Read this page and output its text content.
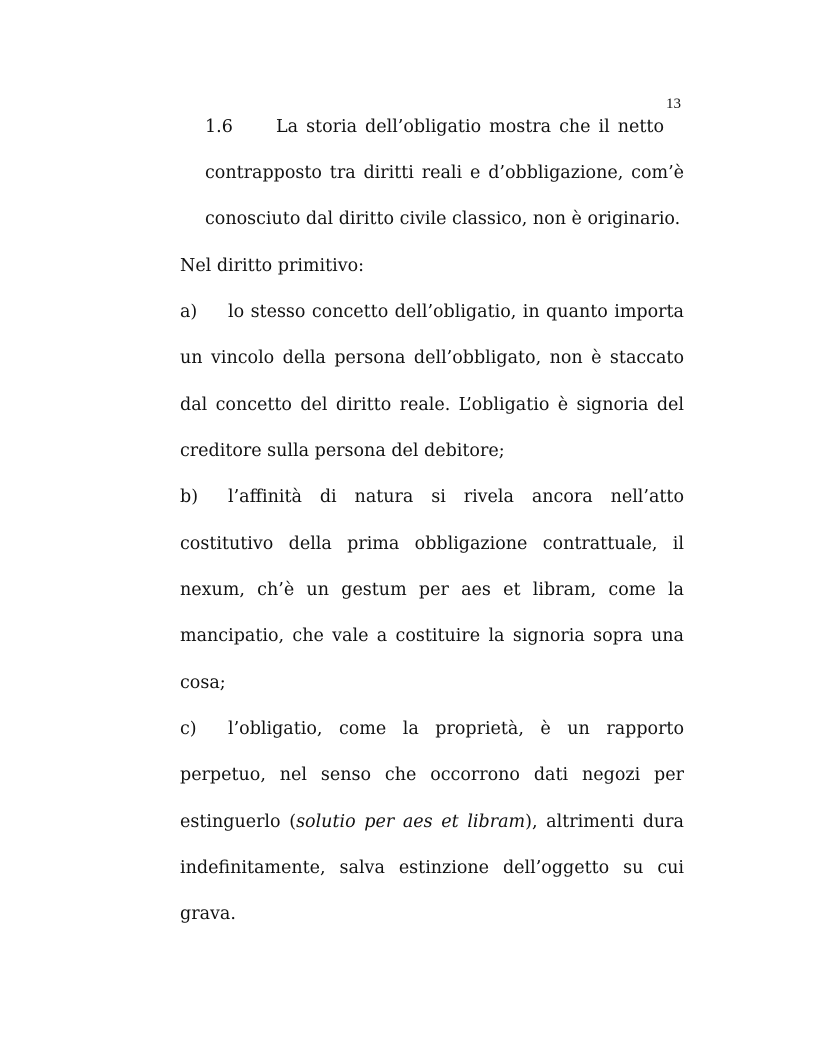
13
1.6 La storia dell’obligatio mostra che il netto
contrapposto tra diritti reali e d’obbligazione, com’è
conosciuto dal diritto civile classico, non è originario.
Nel diritto primitivo:
a) lo stesso concetto dell’obligatio, in quanto importa
un vincolo della persona dell’obbligato, non è staccato
dal concetto del diritto reale. L’obligatio è signoria del
creditore sulla persona del debitore;
b) l’affinità di natura si rivela ancora nell’atto
costitutivo della prima obbligazione contrattuale, il
nexum, ch’è un gestum per aes et libram, come la
mancipatio, che vale a costituire la signoria sopra una
cosa;
c) l’obligatio, come la proprietà, è un rapporto
perpetuo, nel senso che occorrono dati negozi per
estinguerlo (solutio per aes et libram), altrimenti dura
indefinitamente, salva estinzione dell’oggetto su cui
grava.
